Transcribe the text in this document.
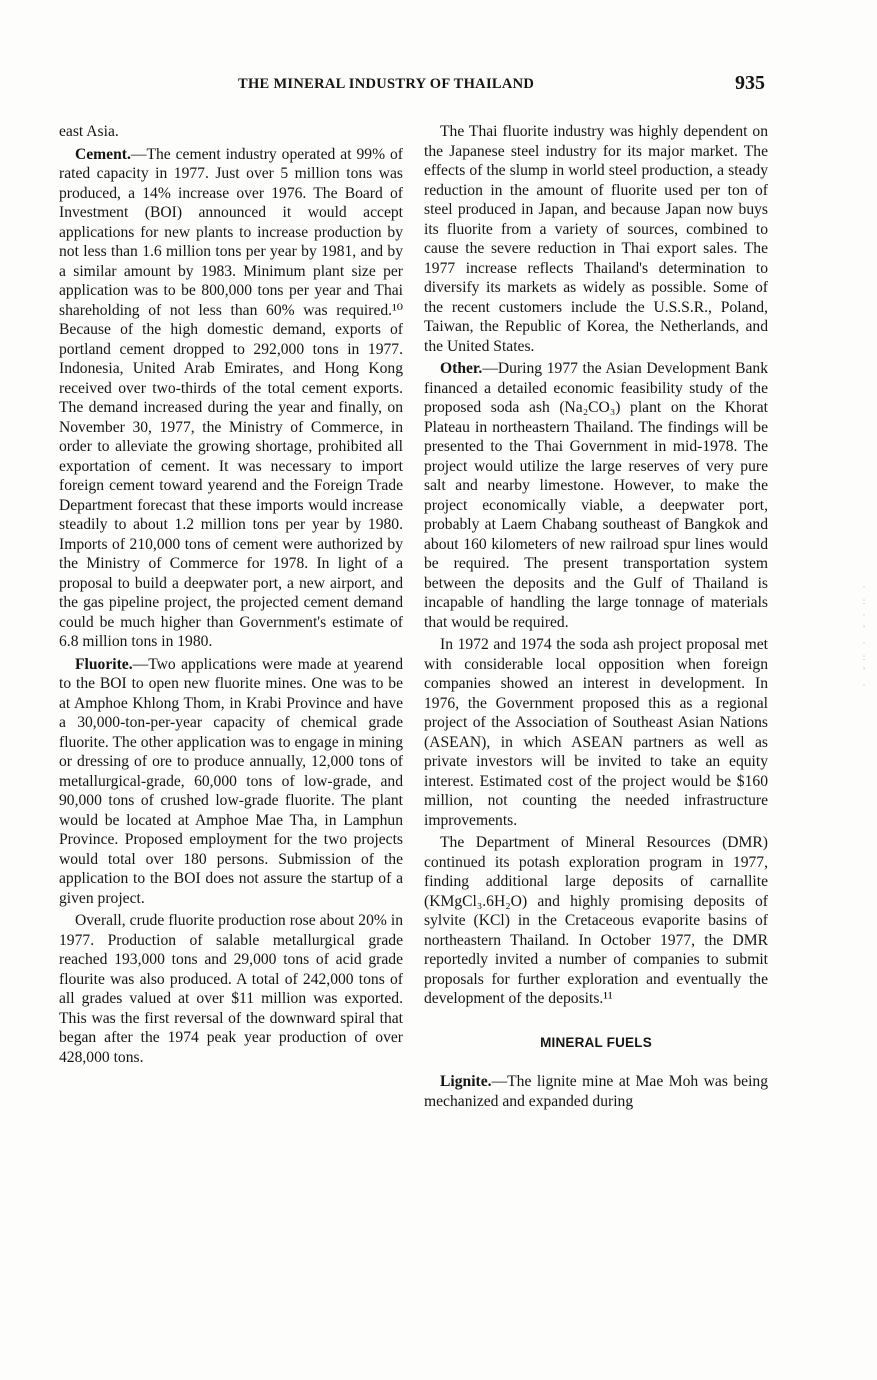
THE MINERAL INDUSTRY OF THAILAND	935

east Asia.

Cement.—The cement industry operated at 99% of rated capacity in 1977. Just over 5 million tons was produced, a 14% increase over 1976. The Board of Investment (BOI) announced it would accept applications for new plants to increase production by not less than 1.6 million tons per year by 1981, and by a similar amount by 1983. Minimum plant size per application was to be 800,000 tons per year and Thai shareholding of not less than 60% was required.¹⁰ Because of the high domestic demand, exports of portland cement dropped to 292,000 tons in 1977. Indonesia, United Arab Emirates, and Hong Kong received over two-thirds of the total cement exports. The demand increased during the year and finally, on November 30, 1977, the Ministry of Commerce, in order to alleviate the growing shortage, prohibited all exportation of cement. It was necessary to import foreign cement toward yearend and the Foreign Trade Department forecast that these imports would increase steadily to about 1.2 million tons per year by 1980. Imports of 210,000 tons of cement were authorized by the Ministry of Commerce for 1978. In light of a proposal to build a deepwater port, a new airport, and the gas pipeline project, the projected cement demand could be much higher than Government's estimate of 6.8 million tons in 1980.

Fluorite.—Two applications were made at yearend to the BOI to open new fluorite mines. One was to be at Amphoe Khlong Thom, in Krabi Province and have a 30,000-ton-per-year capacity of chemical grade fluorite. The other application was to engage in mining or dressing of ore to produce annually, 12,000 tons of metallurgical-grade, 60,000 tons of low-grade, and 90,000 tons of crushed low-grade fluorite. The plant would be located at Amphoe Mae Tha, in Lamphun Province. Proposed employment for the two projects would total over 180 persons. Submission of the application to the BOI does not assure the startup of a given project.

Overall, crude fluorite production rose about 20% in 1977. Production of salable metallurgical grade reached 193,000 tons and 29,000 tons of acid grade flourite was also produced. A total of 242,000 tons of all grades valued at over $11 million was exported. This was the first reversal of the downward spiral that began after the 1974 peak year production of over 428,000 tons.

The Thai fluorite industry was highly dependent on the Japanese steel industry for its major market. The effects of the slump in world steel production, a steady reduction in the amount of fluorite used per ton of steel produced in Japan, and because Japan now buys its fluorite from a variety of sources, combined to cause the severe reduction in Thai export sales. The 1977 increase reflects Thailand's determination to diversify its markets as widely as possible. Some of the recent customers include the U.S.S.R., Poland, Taiwan, the Republic of Korea, the Netherlands, and the United States.

Other.—During 1977 the Asian Development Bank financed a detailed economic feasibility study of the proposed soda ash (Na₂CO₃) plant on the Khorat Plateau in northeastern Thailand. The findings will be presented to the Thai Government in mid-1978. The project would utilize the large reserves of very pure salt and nearby limestone. However, to make the project economically viable, a deepwater port, probably at Laem Chabang southeast of Bangkok and about 160 kilometers of new railroad spur lines would be required. The present transportation system between the deposits and the Gulf of Thailand is incapable of handling the large tonnage of materials that would be required.

In 1972 and 1974 the soda ash project proposal met with considerable local opposition when foreign companies showed an interest in development. In 1976, the Government proposed this as a regional project of the Association of Southeast Asian Nations (ASEAN), in which ASEAN partners as well as private investors will be invited to take an equity interest. Estimated cost of the project would be $160 million, not counting the needed infrastructure improvements.

The Department of Mineral Resources (DMR) continued its potash exploration program in 1977, finding additional large deposits of carnallite (KMgCl₃.6H₂O) and highly promising deposits of sylvite (KCl) in the Cretaceous evaporite basins of northeastern Thailand. In October 1977, the DMR reportedly invited a number of companies to submit proposals for further exploration and eventually the development of the deposits.¹¹

MINERAL FUELS

Lignite.—The lignite mine at Mae Moh was being mechanized and expanded during

·
:
·
'
·
:
'
·
